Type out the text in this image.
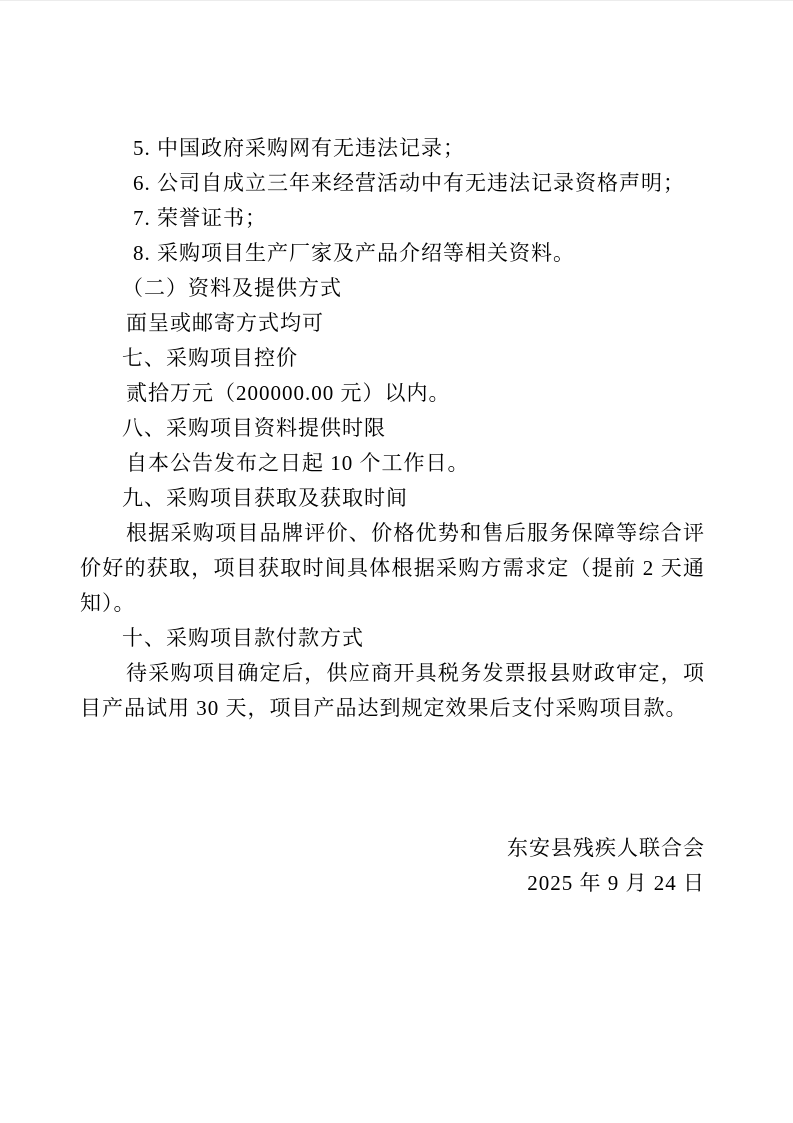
5. 中国政府采购网有无违法记录；

6. 公司自成立三年来经营活动中有无违法记录资格声明；

7. 荣誉证书；

8. 采购项目生产厂家及产品介绍等相关资料。

（二）资料及提供方式

面呈或邮寄方式均可

七、采购项目控价

贰拾万元（200000.00 元）以内。

八、采购项目资料提供时限

自本公告发布之日起 10 个工作日。

九、采购项目获取及获取时间

根据采购项目品牌评价、价格优势和售后服务保障等综合评价好的获取，项目获取时间具体根据采购方需求定（提前 2 天通知）。

十、采购项目款付款方式

待采购项目确定后，供应商开具税务发票报县财政审定，项目产品试用 30 天，项目产品达到规定效果后支付采购项目款。

东安县残疾人联合会

2025 年 9 月 24 日
